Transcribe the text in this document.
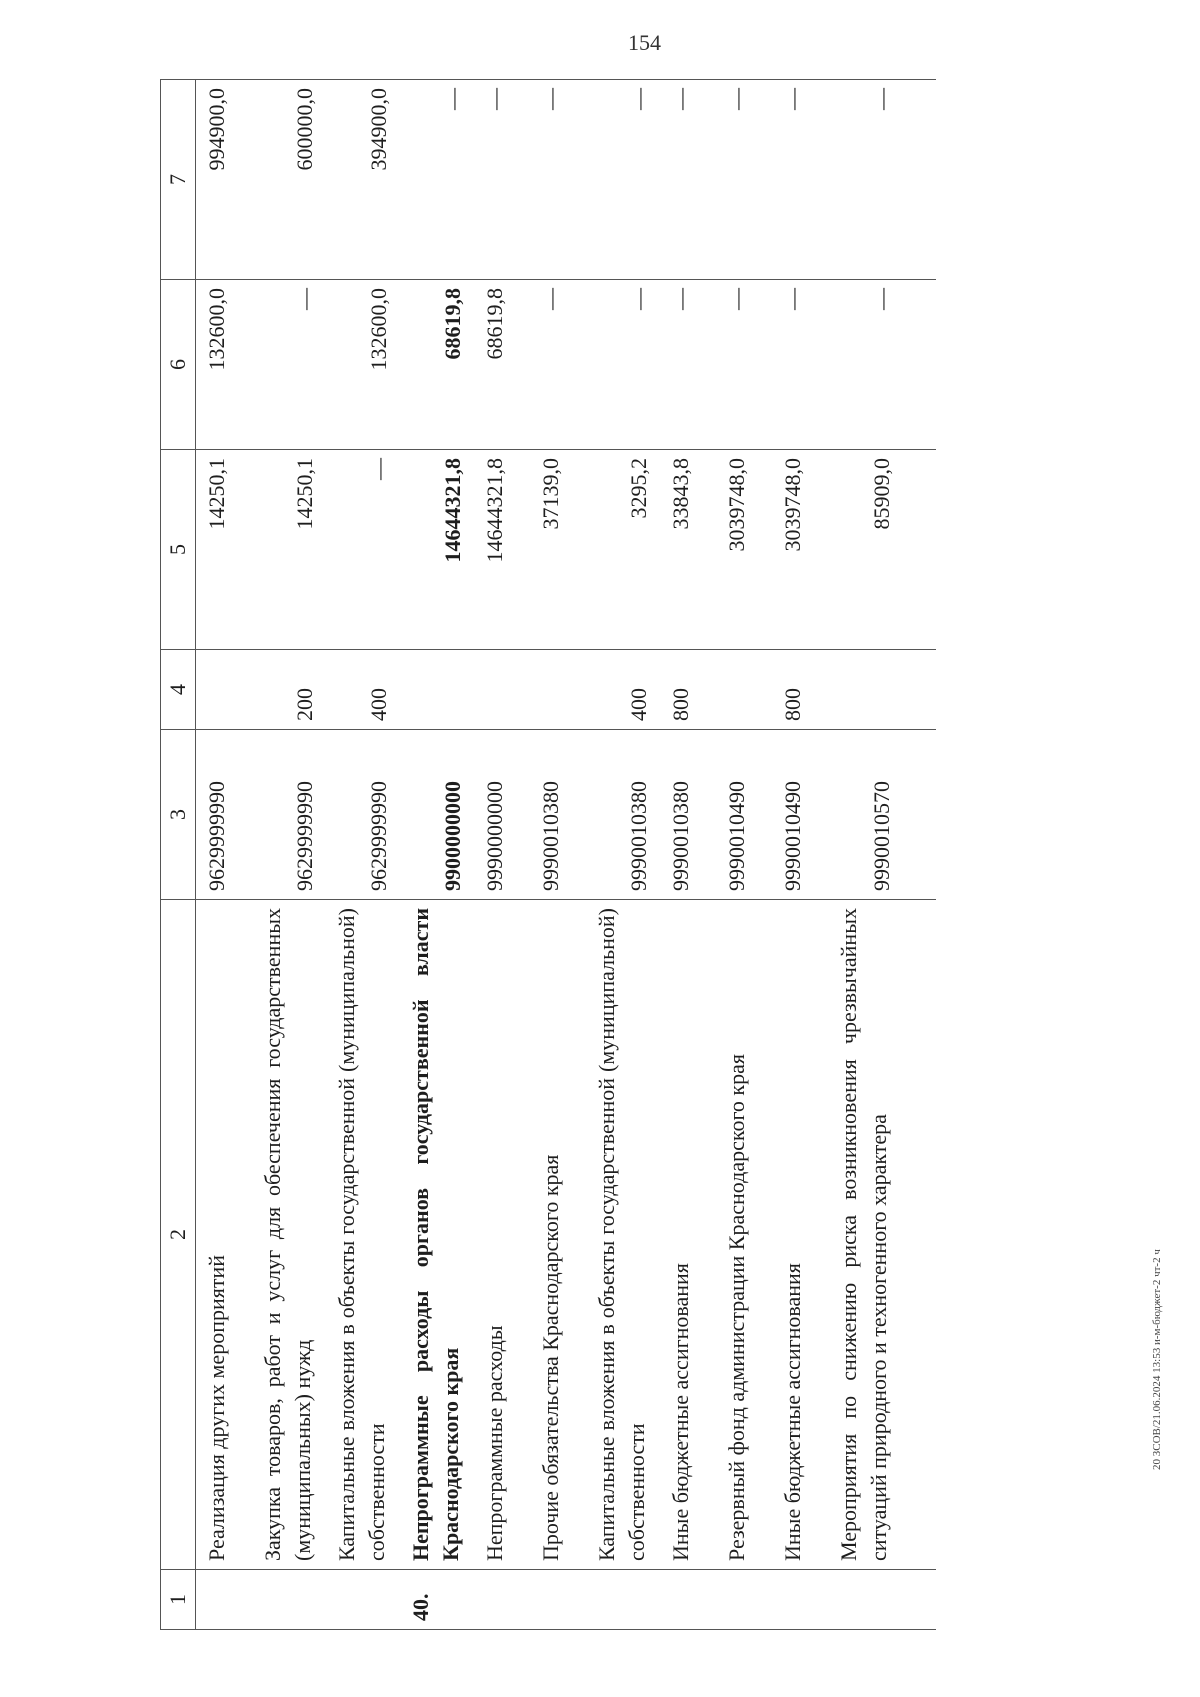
154
20 ЗСОВ/21.06.2024 13:53 и-м-бюджет-2 чт-2 ч
1	2	3	4	5	6	7
	Реализация других мероприятий	9629999990		14250,1	132600,0	994900,0
	Закупка товаров, работ и услуг для обеспечения государственных (муниципальных) нужд	9629999990	200	14250,1	—	600000,0
	Капитальные вложения в объекты государственной (муниципальной) собственности	9629999990	400	—	132600,0	394900,0
40.	Непрограммные расходы органов государственной власти Краснодарского края	9900000000		14644321,8	68619,8	—
	Непрограммные расходы	9990000000		14644321,8	68619,8	—
	Прочие обязательства Краснодарского края	9990010380		37139,0	—	—
	Капитальные вложения в объекты государственной (муниципальной) собственности	9990010380	400	3295,2	—	—
	Иные бюджетные ассигнования	9990010380	800	33843,8	—	—
	Резервный фонд администрации Краснодарского края	9990010490		3039748,0	—	—
	Иные бюджетные ассигнования	9990010490	800	3039748,0	—	—
	Мероприятия по снижению риска возникновения чрезвычайных ситуаций природного и техногенного характера	9990010570		85909,0	—	—
